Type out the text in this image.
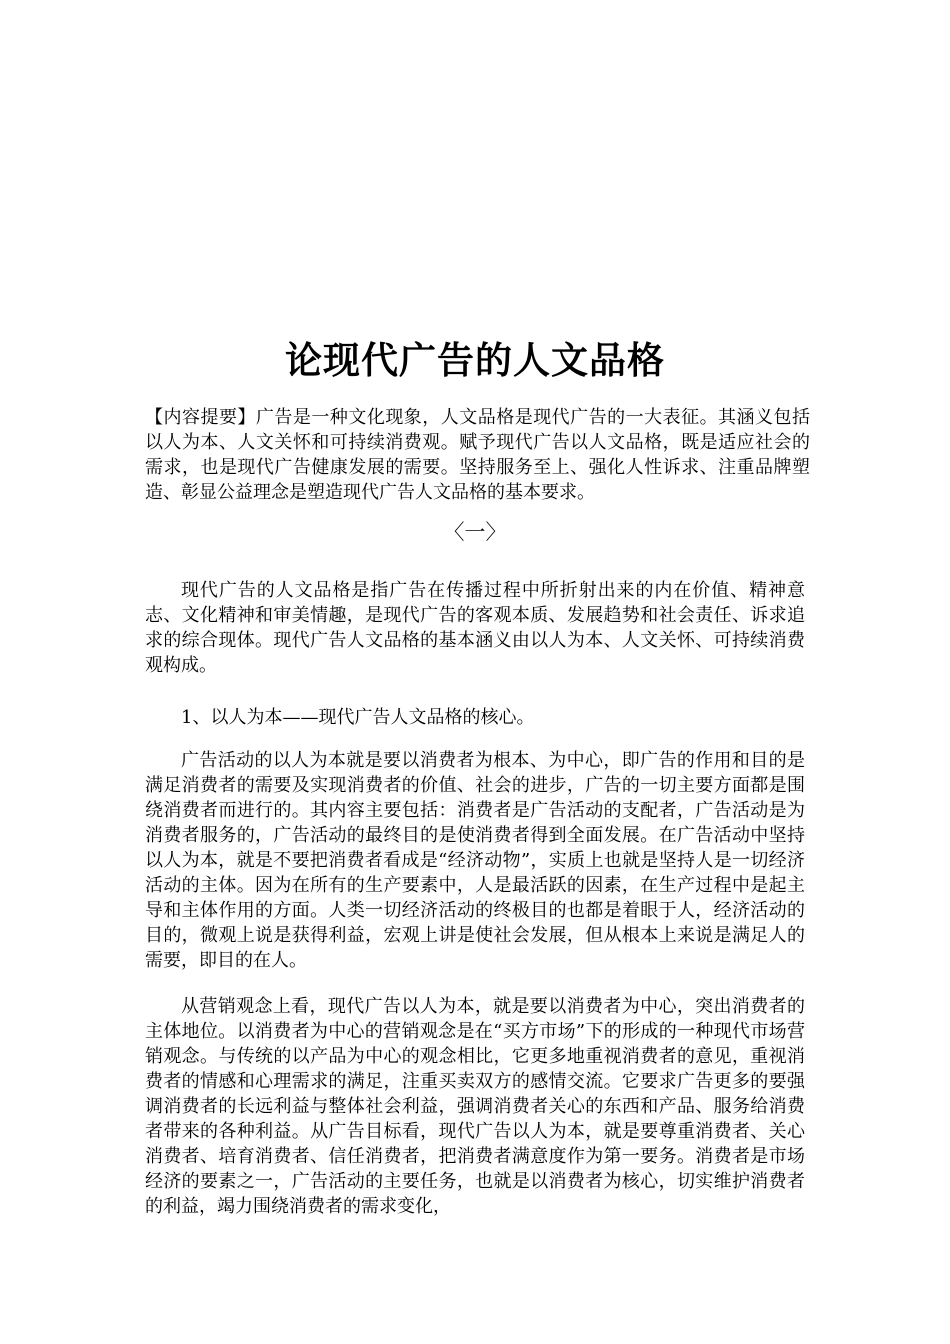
论现代广告的人文品格
【内容提要】广告是一种文化现象，人文品格是现代广告的一大表征。其涵义包括以人为本、人文关怀和可持续消费观。赋予现代广告以人文品格，既是适应社会的需求，也是现代广告健康发展的需要。坚持服务至上、强化人性诉求、注重品牌塑造、彰显公益理念是塑造现代广告人文品格的基本要求。
〈一〉

现代广告的人文品格是指广告在传播过程中所折射出来的内在价值、精神意志、文化精神和审美情趣，是现代广告的客观本质、发展趋势和社会责任、诉求追求的综合现体。现代广告人文品格的基本涵义由以人为本、人文关怀、可持续消费观构成。

1、以人为本——现代广告人文品格的核心。

广告活动的以人为本就是要以消费者为根本、为中心，即广告的作用和目的是满足消费者的需要及实现消费者的价值、社会的进步，广告的一切主要方面都是围绕消费者而进行的。其内容主要包括：消费者是广告活动的支配者，广告活动是为消费者服务的，广告活动的最终目的是使消费者得到全面发展。在广告活动中坚持以人为本，就是不要把消费者看成是“经济动物”，实质上也就是坚持人是一切经济活动的主体。因为在所有的生产要素中，人是最活跃的因素，在生产过程中是起主导和主体作用的方面。人类一切经济活动的终极目的也都是着眼于人，经济活动的目的，微观上说是获得利益，宏观上讲是使社会发展，但从根本上来说是满足人的需要，即目的在人。

从营销观念上看，现代广告以人为本，就是要以消费者为中心，突出消费者的主体地位。以消费者为中心的营销观念是在“买方市场”下的形成的一种现代市场营销观念。与传统的以产品为中心的观念相比，它更多地重视消费者的意见，重视消费者的情感和心理需求的满足，注重买卖双方的感情交流。它要求广告更多的要强调消费者的长远利益与整体社会利益，强调消费者关心的东西和产品、服务给消费者带来的各种利益。从广告目标看，现代广告以人为本，就是要尊重消费者、关心消费者、培育消费者、信任消费者，把消费者满意度作为第一要务。消费者是市场经济的要素之一，广告活动的主要任务，也就是以消费者为核心，切实维护消费者的利益，竭力围绕消费者的需求变化，
